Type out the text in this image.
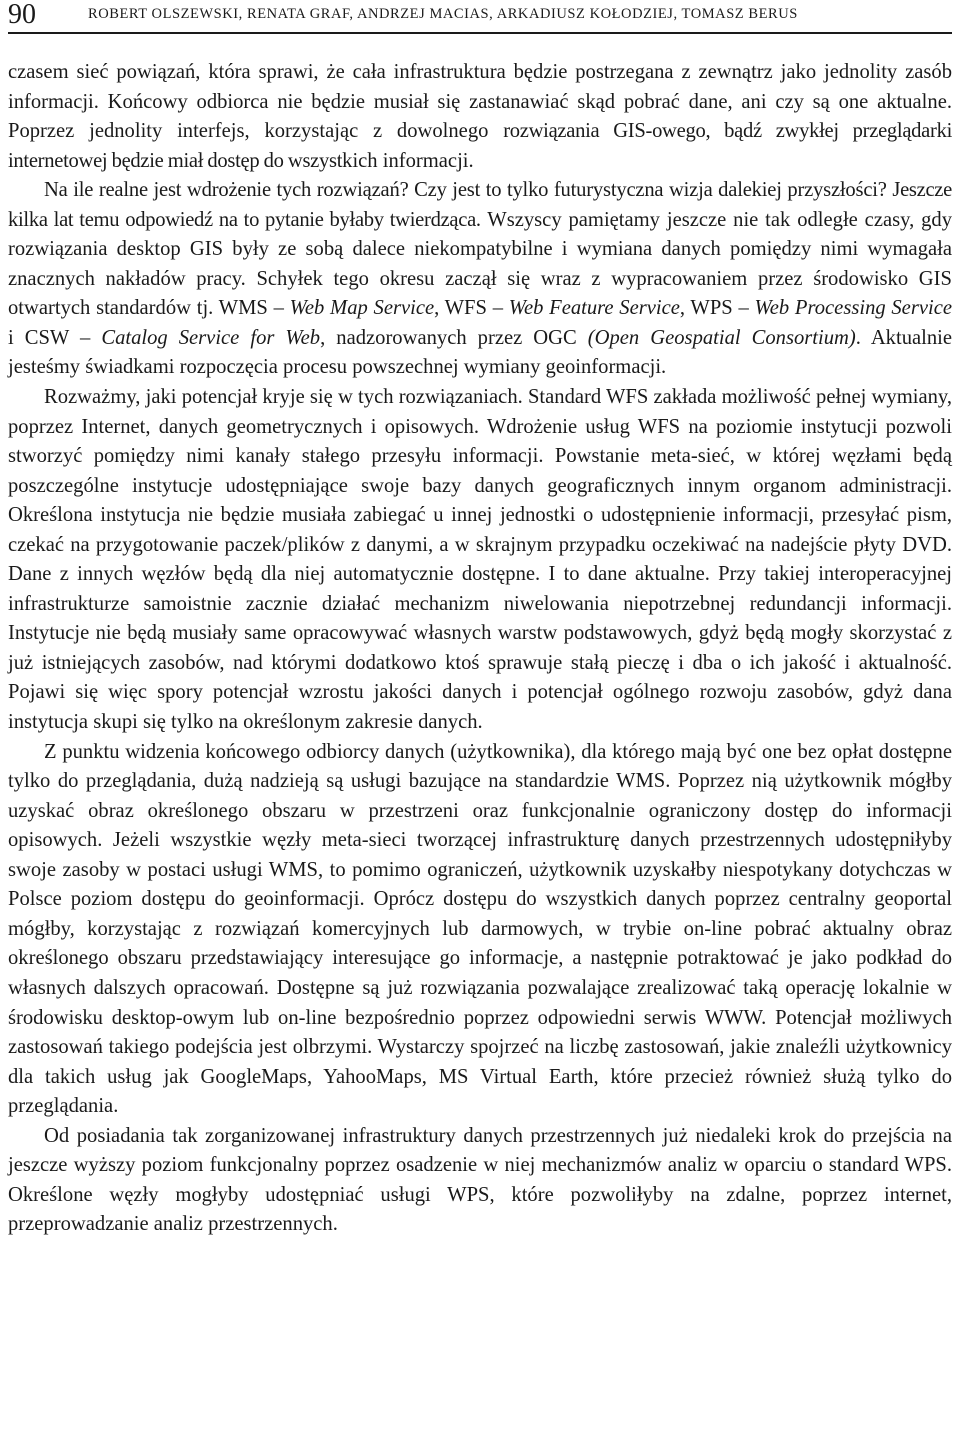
90	ROBERT OLSZEWSKI, RENATA GRAF, ANDRZEJ MACIAS, ARKADIUSZ KOŁODZIEJ, TOMASZ BERUS

czasem sieć powiązań, która sprawi, że cała infrastruktura będzie postrzegana z zewnątrz jako jednolity zasób informacji. Końcowy odbiorca nie będzie musiał się zastanawiać skąd pobrać dane, ani czy są one aktualne. Poprzez jednolity interfejs, korzystając z dowolnego rozwiązania GIS-owego, bądź zwykłej przeglądarki internetowej będzie miał dostęp do wszystkich informacji.

Na ile realne jest wdrożenie tych rozwiązań? Czy jest to tylko futurystyczna wizja dalekiej przyszłości? Jeszcze kilka lat temu odpowiedź na to pytanie byłaby twierdząca. Wszyscy pamiętamy jeszcze nie tak odległe czasy, gdy rozwiązania desktop GIS były ze sobą dalece niekompatybilne i wymiana danych pomiędzy nimi wymagała znacznych nakładów pracy. Schyłek tego okresu zaczął się wraz z wypracowaniem przez środowisko GIS otwartych standardów tj. WMS – Web Map Service, WFS – Web Feature Service, WPS – Web Processing Service i CSW – Catalog Service for Web, nadzorowanych przez OGC (Open Geospatial Consortium). Aktualnie jesteśmy świadkami rozpoczęcia procesu powszechnej wymiany geoinformacji.

Rozważmy, jaki potencjał kryje się w tych rozwiązaniach. Standard WFS zakłada możliwość pełnej wymiany, poprzez Internet, danych geometrycznych i opisowych. Wdrożenie usług WFS na poziomie instytucji pozwoli stworzyć pomiędzy nimi kanały stałego przesyłu informacji. Powstanie meta-sieć, w której węzłami będą poszczególne instytucje udostępniające swoje bazy danych geograficznych innym organom administracji. Określona instytucja nie będzie musiała zabiegać u innej jednostki o udostępnienie informacji, przesyłać pism, czekać na przygotowanie paczek/plików z danymi, a w skrajnym przypadku oczekiwać na nadejście płyty DVD. Dane z innych węzłów będą dla niej automatycznie dostępne. I to dane aktualne. Przy takiej interoperacyjnej infrastrukturze samoistnie zacznie działać mechanizm niwelowania niepotrzebnej redundancji informacji. Instytucje nie będą musiały same opracowywać własnych warstw podstawowych, gdyż będą mogły skorzystać z już istniejących zasobów, nad którymi dodatkowo ktoś sprawuje stałą pieczę i dba o ich jakość i aktualność. Pojawi się więc spory potencjał wzrostu jakości danych i potencjał ogólnego rozwoju zasobów, gdyż dana instytucja skupi się tylko na określonym zakresie danych.

Z punktu widzenia końcowego odbiorcy danych (użytkownika), dla którego mają być one bez opłat dostępne tylko do przeglądania, dużą nadzieją są usługi bazujące na standardzie WMS. Poprzez nią użytkownik mógłby uzyskać obraz określonego obszaru w przestrzeni oraz funkcjonalnie ograniczony dostęp do informacji opisowych. Jeżeli wszystkie węzły meta-sieci tworzącej infrastrukturę danych przestrzennych udostępniłyby swoje zasoby w postaci usługi WMS, to pomimo ograniczeń, użytkownik uzyskałby niespotykany dotychczas w Polsce poziom dostępu do geoinformacji. Oprócz dostępu do wszystkich danych poprzez centralny geoportal mógłby, korzystając z rozwiązań komercyjnych lub darmowych, w trybie on-line pobrać aktualny obraz określonego obszaru przedstawiający interesujące go informacje, a następnie potraktować je jako podkład do własnych dalszych opracowań. Dostępne są już rozwiązania pozwalające zrealizować taką operację lokalnie w środowisku desktop-owym lub on-line bezpośrednio poprzez odpowiedni serwis WWW. Potencjał możliwych zastosowań takiego podejścia jest olbrzymi. Wystarczy spojrzeć na liczbę zastosowań, jakie znaleźli użytkownicy dla takich usług jak GoogleMaps, YahooMaps, MS Virtual Earth, które przecież również służą tylko do przeglądania.

Od posiadania tak zorganizowanej infrastruktury danych przestrzennych już niedaleki krok do przejścia na jeszcze wyższy poziom funkcjonalny poprzez osadzenie w niej mechanizmów analiz w oparciu o standard WPS. Określone węzły mogłyby udostępniać usługi WPS, które pozwoliłyby na zdalne, poprzez internet, przeprowadzanie analiz przestrzennych.
